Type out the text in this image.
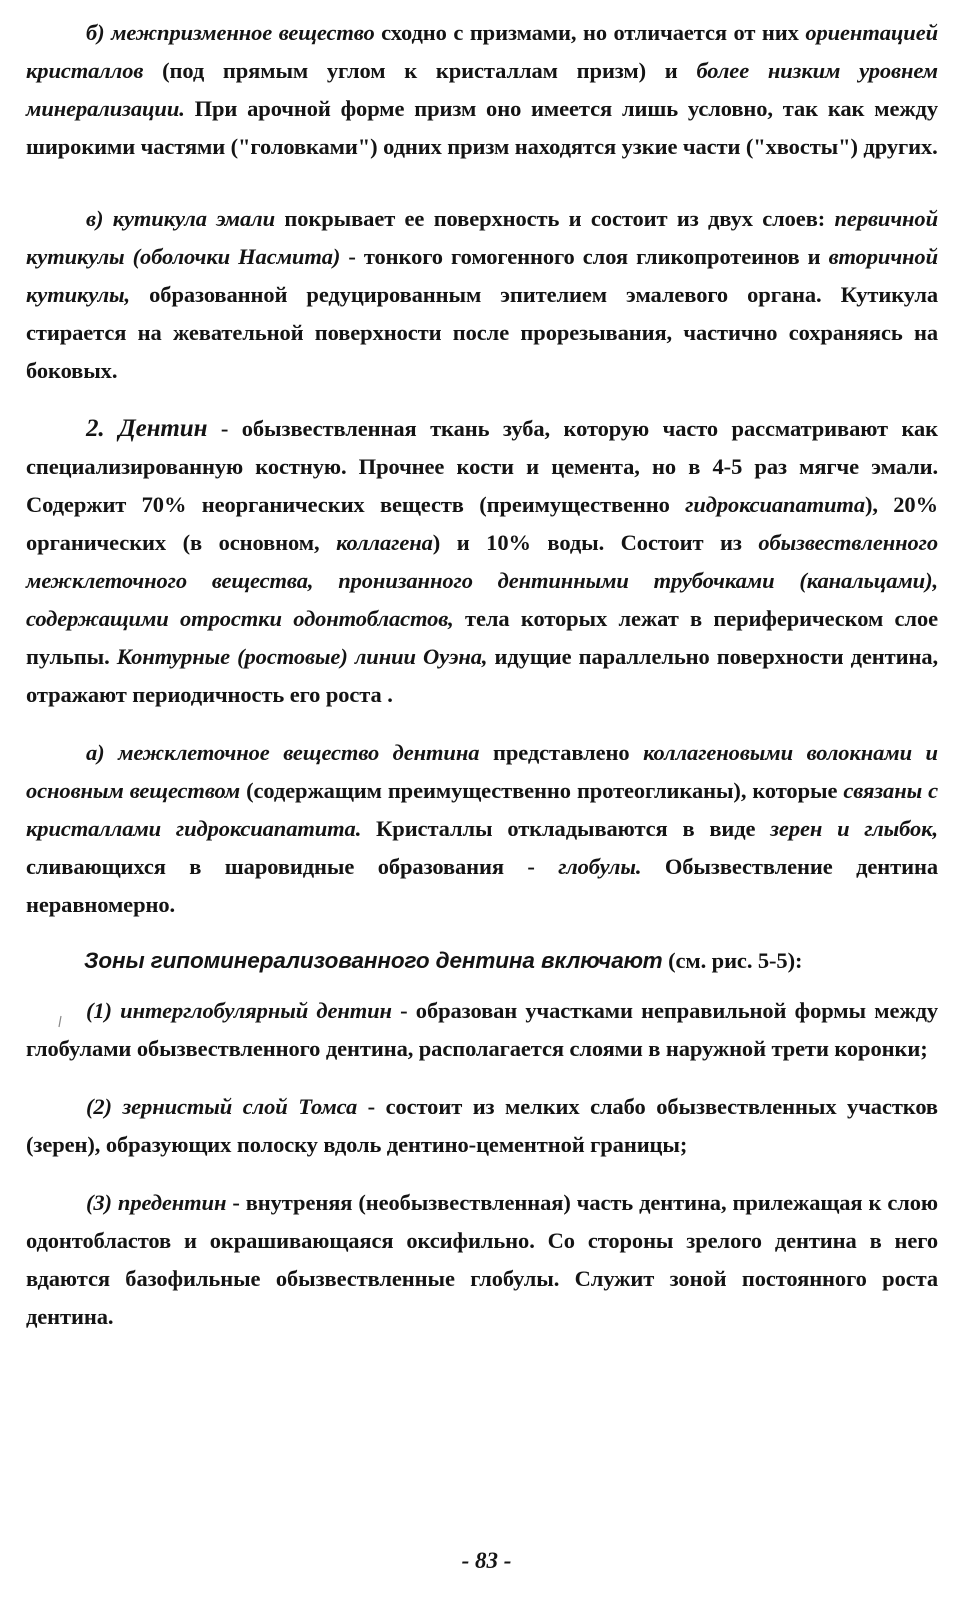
б) межпризменное вещество сходно с призмами, но отличается от них ориентацией кристаллов (под прямым углом к кристаллам призм) и более низким уровнем минерализации. При арочной форме призм оно имеется лишь условно, так как между широкими частями ("головками") одних призм находятся узкие части ("хвосты") других.

в) кутикула эмали покрывает ее поверхность и состоит из двух слоев: первичной кутикулы (оболочки Насмита) - тонкого гомогенного слоя гликопротеинов и вторичной кутикулы, образованной редуцированным эпителием эмалевого органа. Кутикула стирается на жевательной поверхности после прорезывания, частично сохраняясь на боковых.

2. Дентин - обызвествленная ткань зуба, которую часто рассматривают как специализированную костную. Прочнее кости и цемента, но в 4-5 раз мягче эмали. Содержит 70% неорганических веществ (преимущественно гидроксиапатита), 20% органических (в основном, коллагена) и 10% воды. Состоит из обызвествленного межклеточного вещества, пронизанного дентинными трубочками (канальцами), содержащими отростки одонтобластов, тела которых лежат в периферическом слое пульпы. Контурные (ростовые) линии Оуэна, идущие параллельно поверхности дентина, отражают периодичность его роста .

а) межклеточное вещество дентина представлено коллагеновыми волокнами и основным веществом (содержащим преимущественно протеогликаны), которые связаны с кристаллами гидроксиапатита. Кристаллы откладываются в виде зерен и глыбок, сливающихся в шаровидные образования - глобулы. Обызвествление дентина неравномерно.

Зоны гипоминерализованного дентина включают (см. рис. 5-5):

(1) интерглобулярный дентин - образован участками неправильной формы между глобулами обызвествленного дентина, располагается слоями в наружной трети коронки;

(2) зернистый слой Томса - состоит из мелких слабо обызвествленных участков (зерен), образующих полоску вдоль дентино-цементной границы;

(3) предентин - внутреняя (необызвествленная) часть дентина, прилежащая к слою одонтобластов и окрашивающаяся оксифильно. Со стороны зрелого дентина в него вдаются базофильные обызвествленные глобулы. Служит зоной постоянного роста дентина.

- 83 -
